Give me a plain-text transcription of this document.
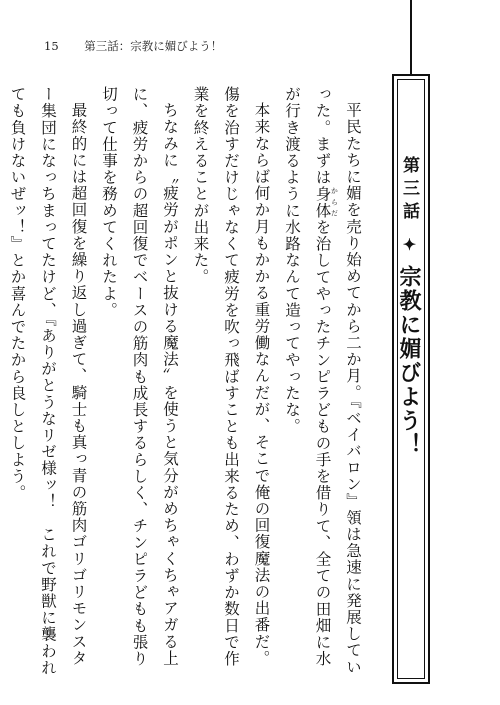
15 第三話：宗教に媚びよう！
第三話✦宗教に媚びよう！

平民たちに媚を売り始めてから二か月。『ベイバロン』領は急速に発展していった。まずは身体 からだを治してやったチンピラどもの手を借りて、全ての田畑に水が行き渡るように水路なんて造ってやったな。

本来ならば何か月もかかる重労働なんだが、そこで俺の回復魔法の出番だ。傷を治すだけじゃなくて疲労を吹っ飛ばすことも出来るため、わずか数日で作業を終えることが出来た。

ちなみに〝疲労がポンと抜ける魔法〟を使うと気分がめちゃくちゃアガる上に、疲労からの超回復でベースの筋肉も成長するらしく、チンピラどもも張り切って仕事を務めてくれたよ。

最終的には超回復を繰り返し過ぎて、騎士も真っ青の筋肉ゴリゴリモンスター集団になっちまってたけど、『ありがとうなリゼ様ッ！　これで野獣に襲われても負けないぜッ！』とか喜んでたから良しとしよう。
